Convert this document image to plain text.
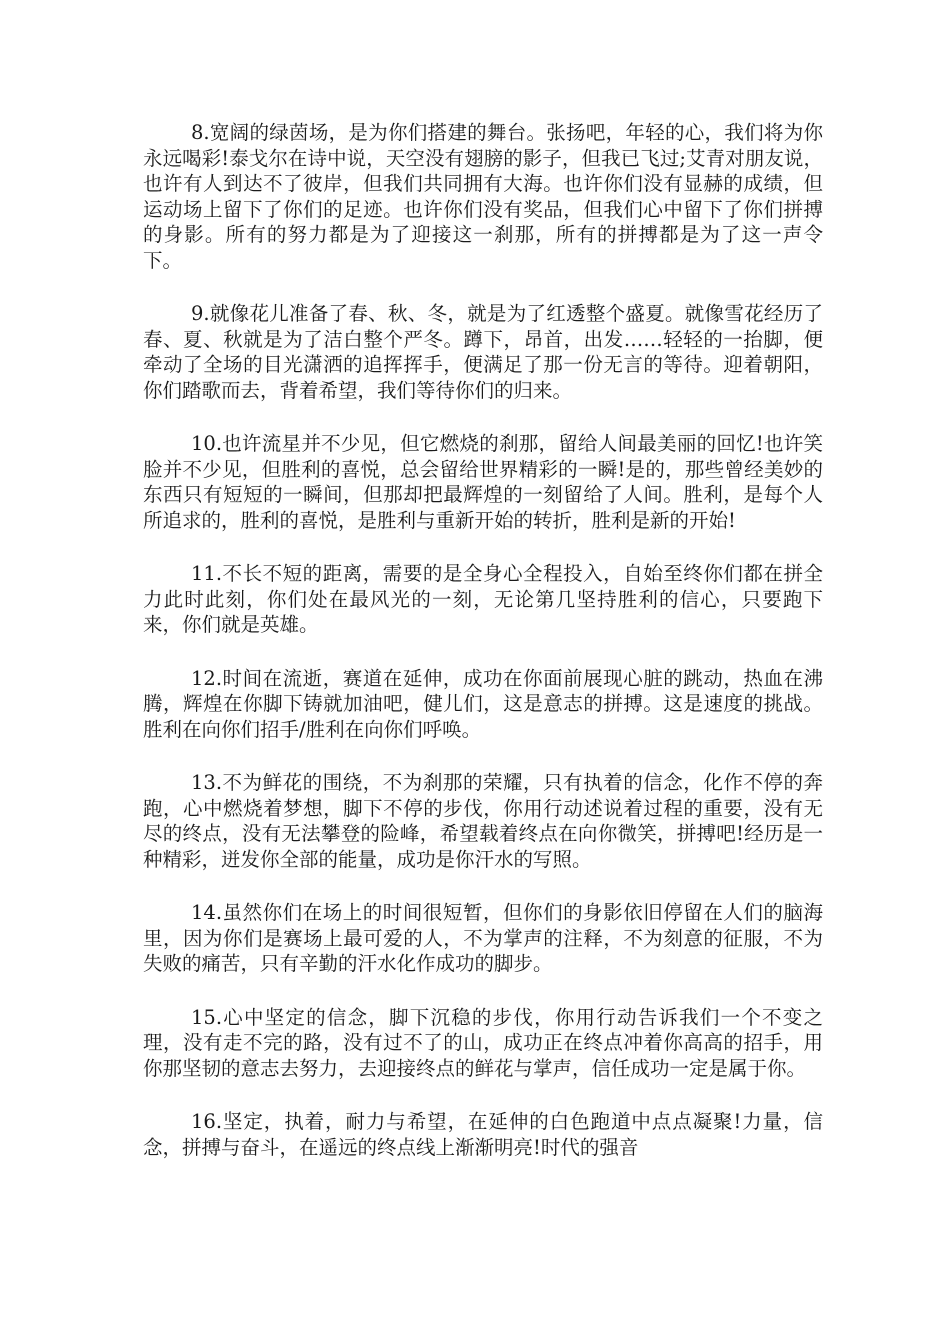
8.宽阔的绿茵场，是为你们搭建的舞台。张扬吧，年轻的心，我们将为你永远喝彩!泰戈尔在诗中说，天空没有翅膀的影子，但我已飞过;艾青对朋友说，也许有人到达不了彼岸，但我们共同拥有大海。也许你们没有显赫的成绩，但运动场上留下了你们的足迹。也许你们没有奖品，但我们心中留下了你们拼搏的身影。所有的努力都是为了迎接这一刹那，所有的拼搏都是为了这一声令下。

9.就像花儿准备了春、秋、冬，就是为了红透整个盛夏。就像雪花经历了春、夏、秋就是为了洁白整个严冬。蹲下，昂首，出发……轻轻的一抬脚，便牵动了全场的目光潇洒的追挥挥手，便满足了那一份无言的等待。迎着朝阳，你们踏歌而去，背着希望，我们等待你们的归来。

10.也许流星并不少见，但它燃烧的刹那，留给人间最美丽的回忆!也许笑脸并不少见，但胜利的喜悦，总会留给世界精彩的一瞬!是的，那些曾经美妙的东西只有短短的一瞬间，但那却把最辉煌的一刻留给了人间。胜利，是每个人所追求的，胜利的喜悦，是胜利与重新开始的转折，胜利是新的开始!

11.不长不短的距离，需要的是全身心全程投入，自始至终你们都在拼全力此时此刻，你们处在最风光的一刻，无论第几坚持胜利的信心，只要跑下来，你们就是英雄。

12.时间在流逝，赛道在延伸，成功在你面前展现心脏的跳动，热血在沸腾，辉煌在你脚下铸就加油吧，健儿们，这是意志的拼搏。这是速度的挑战。胜利在向你们招手/胜利在向你们呼唤。

13.不为鲜花的围绕，不为刹那的荣耀，只有执着的信念，化作不停的奔跑，心中燃烧着梦想，脚下不停的步伐，你用行动述说着过程的重要，没有无尽的终点，没有无法攀登的险峰，希望载着终点在向你微笑，拼搏吧!经历是一种精彩，迸发你全部的能量，成功是你汗水的写照。

14.虽然你们在场上的时间很短暂，但你们的身影依旧停留在人们的脑海里，因为你们是赛场上最可爱的人，不为掌声的注释，不为刻意的征服，不为失败的痛苦，只有辛勤的汗水化作成功的脚步。

15.心中坚定的信念，脚下沉稳的步伐，你用行动告诉我们一个不变之理，没有走不完的路，没有过不了的山，成功正在终点冲着你高高的招手，用你那坚韧的意志去努力，去迎接终点的鲜花与掌声，信任成功一定是属于你。

16.坚定，执着，耐力与希望，在延伸的白色跑道中点点凝聚!力量，信念，拼搏与奋斗，在遥远的终点线上渐渐明亮!时代的强音
